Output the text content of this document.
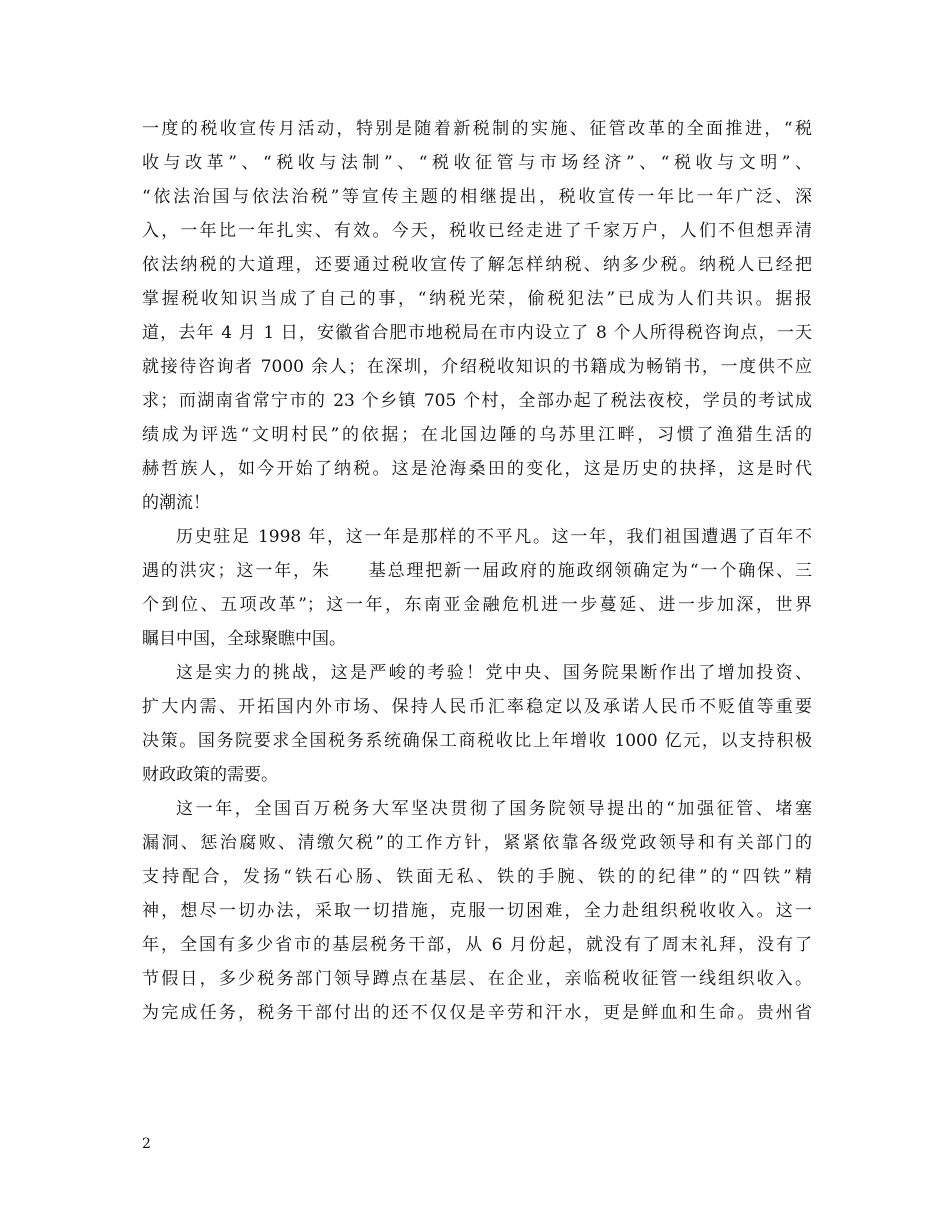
一度的税收宣传月活动，特别是随着新税制的实施、征管改革的全面推进，“税
收与改革”、“税收与法制”、“税收征管与市场经济”、“税收与文明”、
“依法治国与依法治税”等宣传主题的相继提出，税收宣传一年比一年广泛、深
入，一年比一年扎实、有效。今天，税收已经走进了千家万户，人们不但想弄清
依法纳税的大道理，还要通过税收宣传了解怎样纳税、纳多少税。纳税人已经把
掌握税收知识当成了自己的事，“纳税光荣，偷税犯法”已成为人们共识。据报
道，去年 4 月 1 日，安徽省合肥市地税局在市内设立了 8 个人所得税咨询点，一天
就接待咨询者 7000 余人；在深圳，介绍税收知识的书籍成为畅销书，一度供不应
求；而湖南省常宁市的 23 个乡镇 705 个村，全部办起了税法夜校，学员的考试成
绩成为评选“文明村民”的依据；在北国边陲的乌苏里江畔，习惯了渔猎生活的
赫哲族人，如今开始了纳税。这是沧海桑田的变化，这是历史的抉择，这是时代
的潮流！
历史驻足 1998 年，这一年是那样的不平凡。这一年，我们祖国遭遇了百年不
遇的洪灾；这一年，朱　　基总理把新一届政府的施政纲领确定为“一个确保、三
个到位、五项改革”；这一年，东南亚金融危机进一步蔓延、进一步加深，世界
瞩目中国，全球聚瞧中国。
这是实力的挑战，这是严峻的考验！党中央、国务院果断作出了增加投资、
扩大内需、开拓国内外市场、保持人民币汇率稳定以及承诺人民币不贬值等重要
决策。国务院要求全国税务系统确保工商税收比上年增收 1000 亿元，以支持积极
财政政策的需要。
这一年，全国百万税务大军坚决贯彻了国务院领导提出的“加强征管、堵塞
漏洞、惩治腐败、清缴欠税”的工作方针，紧紧依靠各级党政领导和有关部门的
支持配合，发扬“铁石心肠、铁面无私、铁的手腕、铁的的纪律”的“四铁”精
神，想尽一切办法，采取一切措施，克服一切困难，全力赴组织税收收入。这一
年，全国有多少省市的基层税务干部，从 6 月份起，就没有了周末礼拜，没有了
节假日，多少税务部门领导蹲点在基层、在企业，亲临税收征管一线组织收入。
为完成任务，税务干部付出的还不仅仅是辛劳和汗水，更是鲜血和生命。贵州省
2
